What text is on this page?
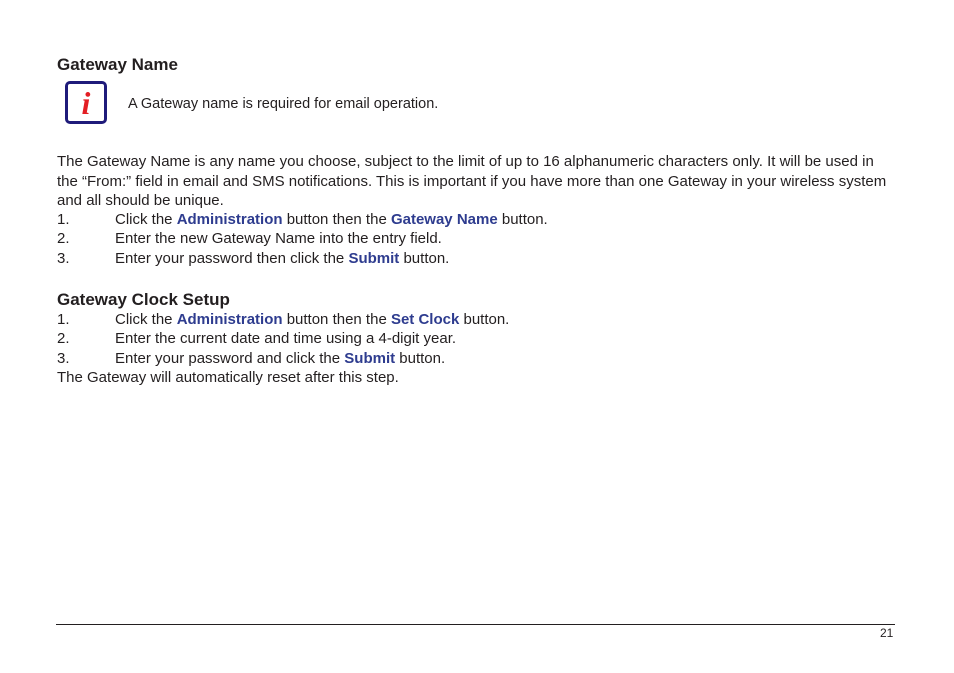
Gateway Name
i	A Gateway name is required for email operation.
The Gateway Name is any name you choose, subject to the limit of up to 16 alphanumeric characters only. It will be used in the “From:” field in email and SMS notifications. This is important if you have more than one Gateway in your wireless system and all should be unique.
1.	Click the Administration button then the Gateway Name button.
2.	Enter the new Gateway Name into the entry field.
3.	Enter your password then click the Submit button.
Gateway Clock Setup
1.	Click the Administration button then the Set Clock button.
2.	Enter the current date and time using a 4-digit year.
3.	Enter your password and click the Submit button.
The Gateway will automatically reset after this step.
21
